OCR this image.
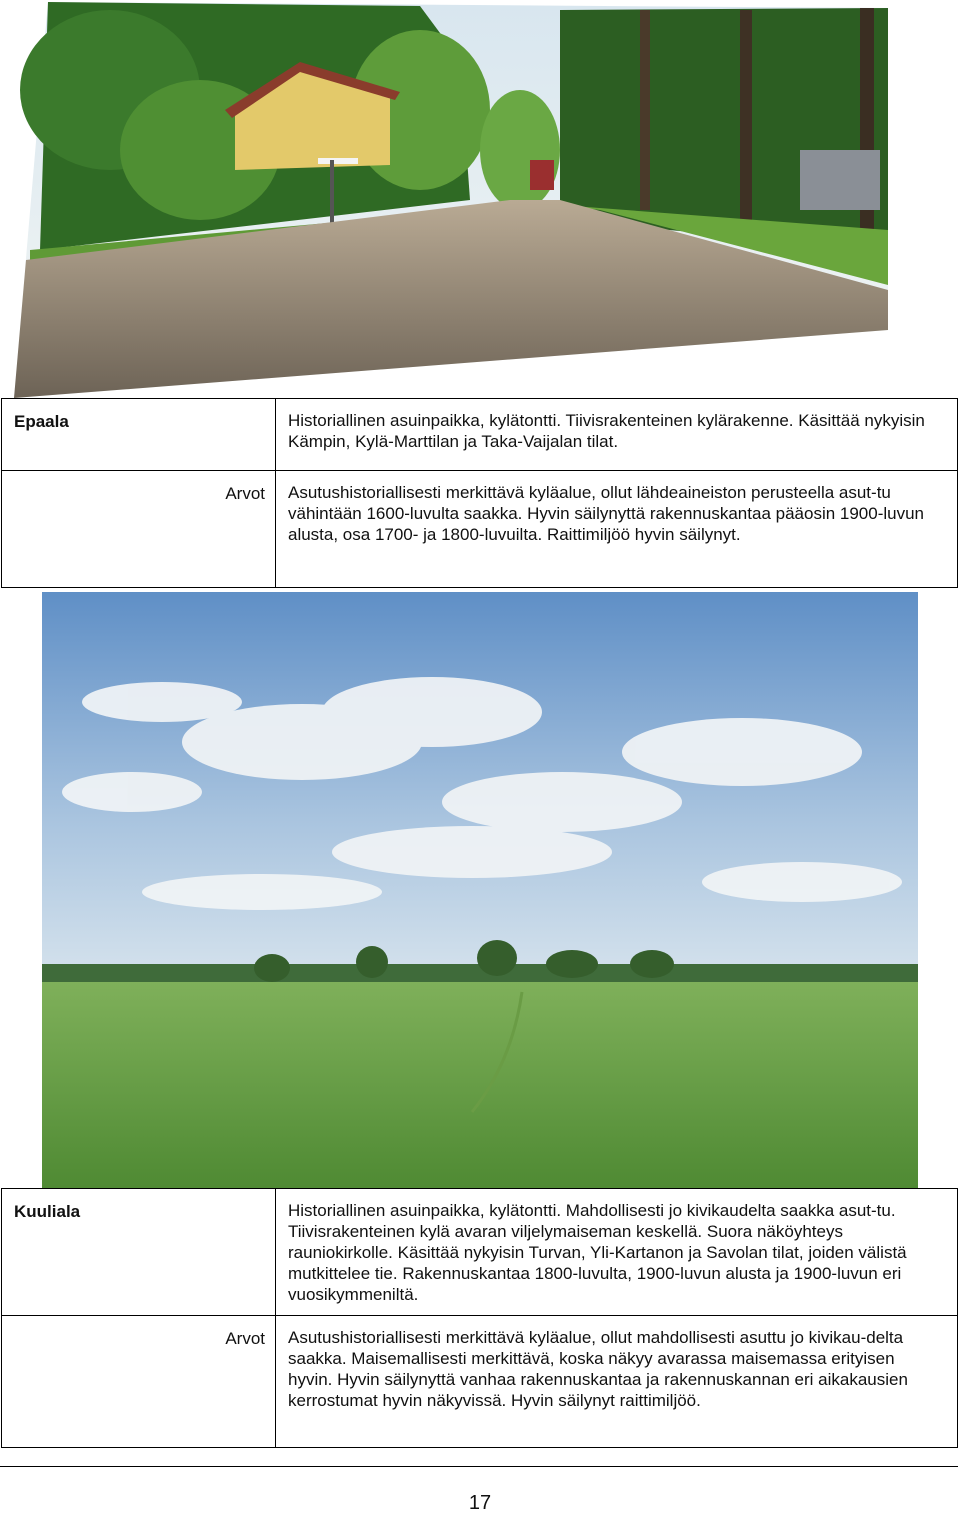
Epaala	Historiallinen asuinpaikka, kylätontti. Tiivisrakenteinen kylärakenne. Käsittää nykyisin Kämpin, Kylä-Marttilan ja Taka-Vaijalan tilat.

Arvot	Asutushistoriallisesti merkittävä kyläalue, ollut lähdeaineiston perusteella asut-tu vähintään 1600-luvulta saakka. Hyvin säilynyttä rakennuskantaa pääosin 1900-luvun alusta, osa 1700- ja 1800-luvuilta. Raittimiljöö hyvin säilynyt.
Kuuliala	Historiallinen asuinpaikka, kylätontti. Mahdollisesti jo kivikaudelta saakka asut-tu. Tiivisrakenteinen kylä avaran viljelymaiseman keskellä. Suora näköyhteys rauniokirkolle. Käsittää nykyisin Turvan, Yli-Kartanon ja Savolan tilat, joiden välistä mutkittelee tie. Rakennuskantaa 1800-luvulta, 1900-luvun alusta ja 1900-luvun eri vuosikymmeniltä.

Arvot	Asutushistoriallisesti merkittävä kyläalue, ollut mahdollisesti asuttu jo kivikau-delta saakka. Maisemallisesti merkittävä, koska näkyy avarassa maisemassa erityisen hyvin. Hyvin säilynyttä vanhaa rakennuskantaa ja rakennuskannan eri aikakausien kerrostumat hyvin näkyvissä. Hyvin säilynyt raittimiljöö.
17
